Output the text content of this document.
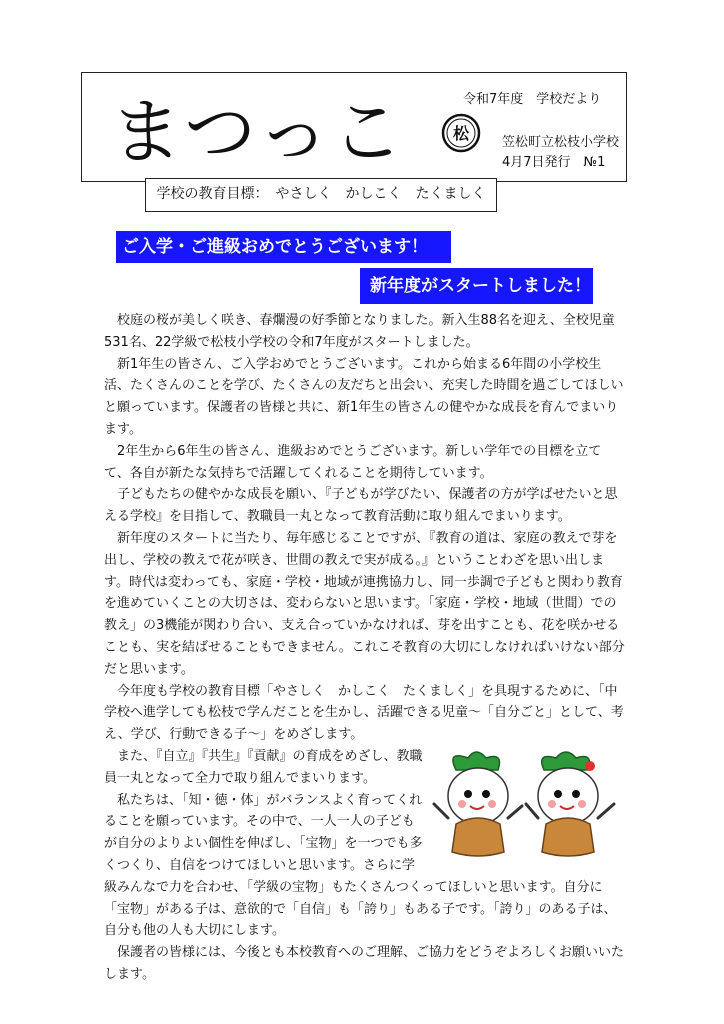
まつっこ	松
令和7年度　学校だより
笠松町立松枝小学校
4月7日発行　№1
学校の教育目標：　やさしく　かしこく　たくましく
ご入学・ご進級おめでとうございます！
新年度がスタートしました！

校庭の桜が美しく咲き、春爛漫の好季節となりました。新入生88名を迎え、全校児童531名、22学級で松枝小学校の令和7年度がスタートしました。

新1年生の皆さん、ご入学おめでとうございます。これから始まる6年間の小学校生活、たくさんのことを学び、たくさんの友だちと出会い、充実した時間を過ごしてほしいと願っています。保護者の皆様と共に、新1年生の皆さんの健やかな成長を育んでまいります。

2年生から6年生の皆さん、進級おめでとうございます。新しい学年での目標を立てて、各自が新たな気持ちで活躍してくれることを期待しています。

子どもたちの健やかな成長を願い、『子どもが学びたい、保護者の方が学ばせたいと思える学校』を目指して、教職員一丸となって教育活動に取り組んでまいります。

新年度のスタートに当たり、毎年感じることですが、『教育の道は、家庭の教えで芽を出し、学校の教えで花が咲き、世間の教えで実が成る。』ということわざを思い出します。時代は変わっても、家庭・学校・地域が連携協力し、同一歩調で子どもと関わり教育を進めていくことの大切さは、変わらないと思います。「家庭・学校・地域（世間）での教え」の3機能が関わり合い、支え合っていかなければ、芽を出すことも、花を咲かせることも、実を結ばせることもできません。これこそ教育の大切にしなければいけない部分だと思います。

今年度も学校の教育目標「やさしく　かしこく　たくましく」を具現するために、「中学校へ進学しても松枝で学んだことを生かし、活躍できる児童～「自分ごと」として、考え、学び、行動できる子～」をめざします。

また、『自立』『共生』『貢献』の育成をめざし、教職員一丸となって全力で取り組んでまいります。

私たちは、「知・徳・体」がバランスよく育ってくれることを願っています。その中で、一人一人の子どもが自分のよりよい個性を伸ばし、「宝物」を一つでも多くつくり、自信をつけてほしいと思います。さらに学級みんなで力を合わせ、「学級の宝物」もたくさんつくってほしいと思います。自分に「宝物」がある子は、意欲的で「自信」も「誇り」もある子です。「誇り」のある子は、自分も他の人も大切にします。

保護者の皆様には、今後とも本校教育へのご理解、ご協力をどうぞよろしくお願いいたします。
